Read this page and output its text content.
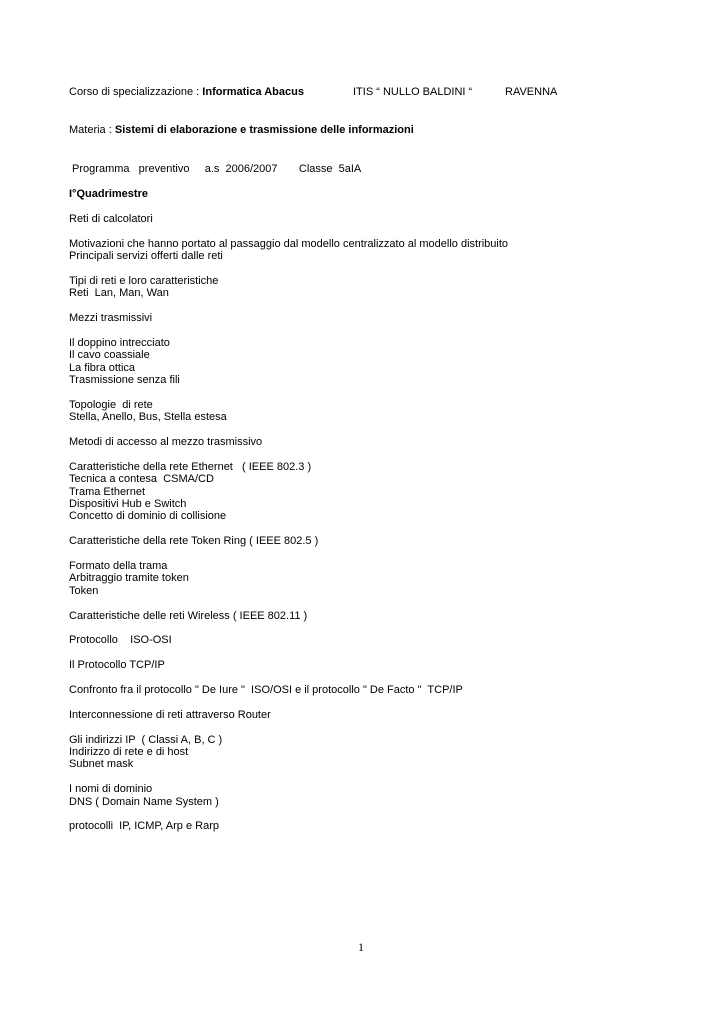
Corso di specializzazione : Informatica Abacus	ITIS “ NULLO BALDINI “	RAVENNA
Materia : Sistemi di elaborazione e trasmissione delle informazioni
Programma   preventivo     a.s  2006/2007       Classe  5aIA
I°Quadrimestre
Reti di calcolatori
Motivazioni che hanno portato al passaggio dal modello centralizzato al modello distribuito
Principali servizi offerti dalle reti
Tipi di reti e loro caratteristiche
Reti  Lan, Man, Wan
Mezzi trasmissivi
Il doppino intrecciato
Il cavo coassiale
La fibra ottica
Trasmissione senza fili
Topologie  di rete
Stella, Anello, Bus, Stella estesa
Metodi di accesso al mezzo trasmissivo
Caratteristiche della rete Ethernet   ( IEEE 802.3 )
Tecnica a contesa  CSMA/CD
Trama Ethernet
Dispositivi Hub e Switch
Concetto di dominio di collisione
Caratteristiche della rete Token Ring ( IEEE 802.5 )
Formato della trama
Arbitraggio tramite token
Token
Caratteristiche delle reti Wireless ( IEEE 802.11 )
Protocollo    ISO-OSI
Il Protocollo TCP/IP
Confronto fra il protocollo " De Iure "  ISO/OSI e il protocollo " De Facto "  TCP/IP
Interconnessione di reti attraverso Router
Gli indirizzi IP  ( Classi A, B, C )
Indirizzo di rete e di host
Subnet mask
I nomi di dominio
DNS ( Domain Name System )
protocolli  IP, ICMP, Arp e Rarp
1
